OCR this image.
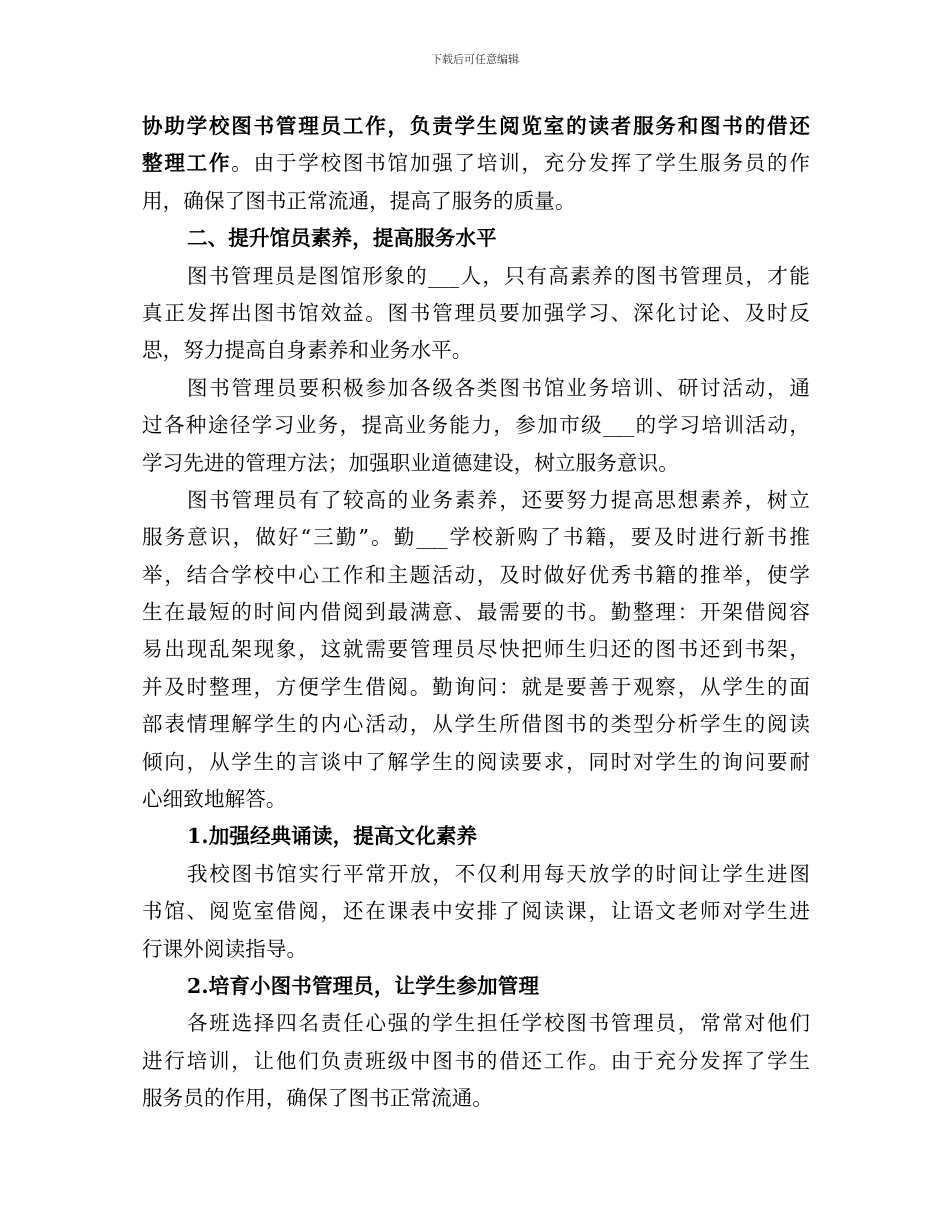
下载后可任意编辑
协助学校图书管理员工作，负责学生阅览室的读者服务和图书的借还
整理工作。由于学校图书馆加强了培训，充分发挥了学生服务员的作
用，确保了图书正常流通，提高了服务的质量。
二、提升馆员素养，提高服务水平
图书管理员是图馆形象的___人，只有高素养的图书管理员，才能
真正发挥出图书馆效益。图书管理员要加强学习、深化讨论、及时反
思，努力提高自身素养和业务水平。
图书管理员要积极参加各级各类图书馆业务培训、研讨活动，通
过各种途径学习业务，提高业务能力，参加市级___的学习培训活动，
学习先进的管理方法；加强职业道德建设，树立服务意识。
图书管理员有了较高的业务素养，还要努力提高思想素养，树立
服务意识，做好“三勤”。勤___学校新购了书籍，要及时进行新书推
举，结合学校中心工作和主题活动，及时做好优秀书籍的推举，使学
生在最短的时间内借阅到最满意、最需要的书。勤整理：开架借阅容
易出现乱架现象，这就需要管理员尽快把师生归还的图书还到书架，
并及时整理，方便学生借阅。勤询问：就是要善于观察，从学生的面
部表情理解学生的内心活动，从学生所借图书的类型分析学生的阅读
倾向，从学生的言谈中了解学生的阅读要求，同时对学生的询问要耐
心细致地解答。
1.加强经典诵读，提高文化素养
我校图书馆实行平常开放，不仅利用每天放学的时间让学生进图
书馆、阅览室借阅，还在课表中安排了阅读课，让语文老师对学生进
行课外阅读指导。
2.培育小图书管理员，让学生参加管理
各班选择四名责任心强的学生担任学校图书管理员，常常对他们
进行培训，让他们负责班级中图书的借还工作。由于充分发挥了学生
服务员的作用，确保了图书正常流通。
